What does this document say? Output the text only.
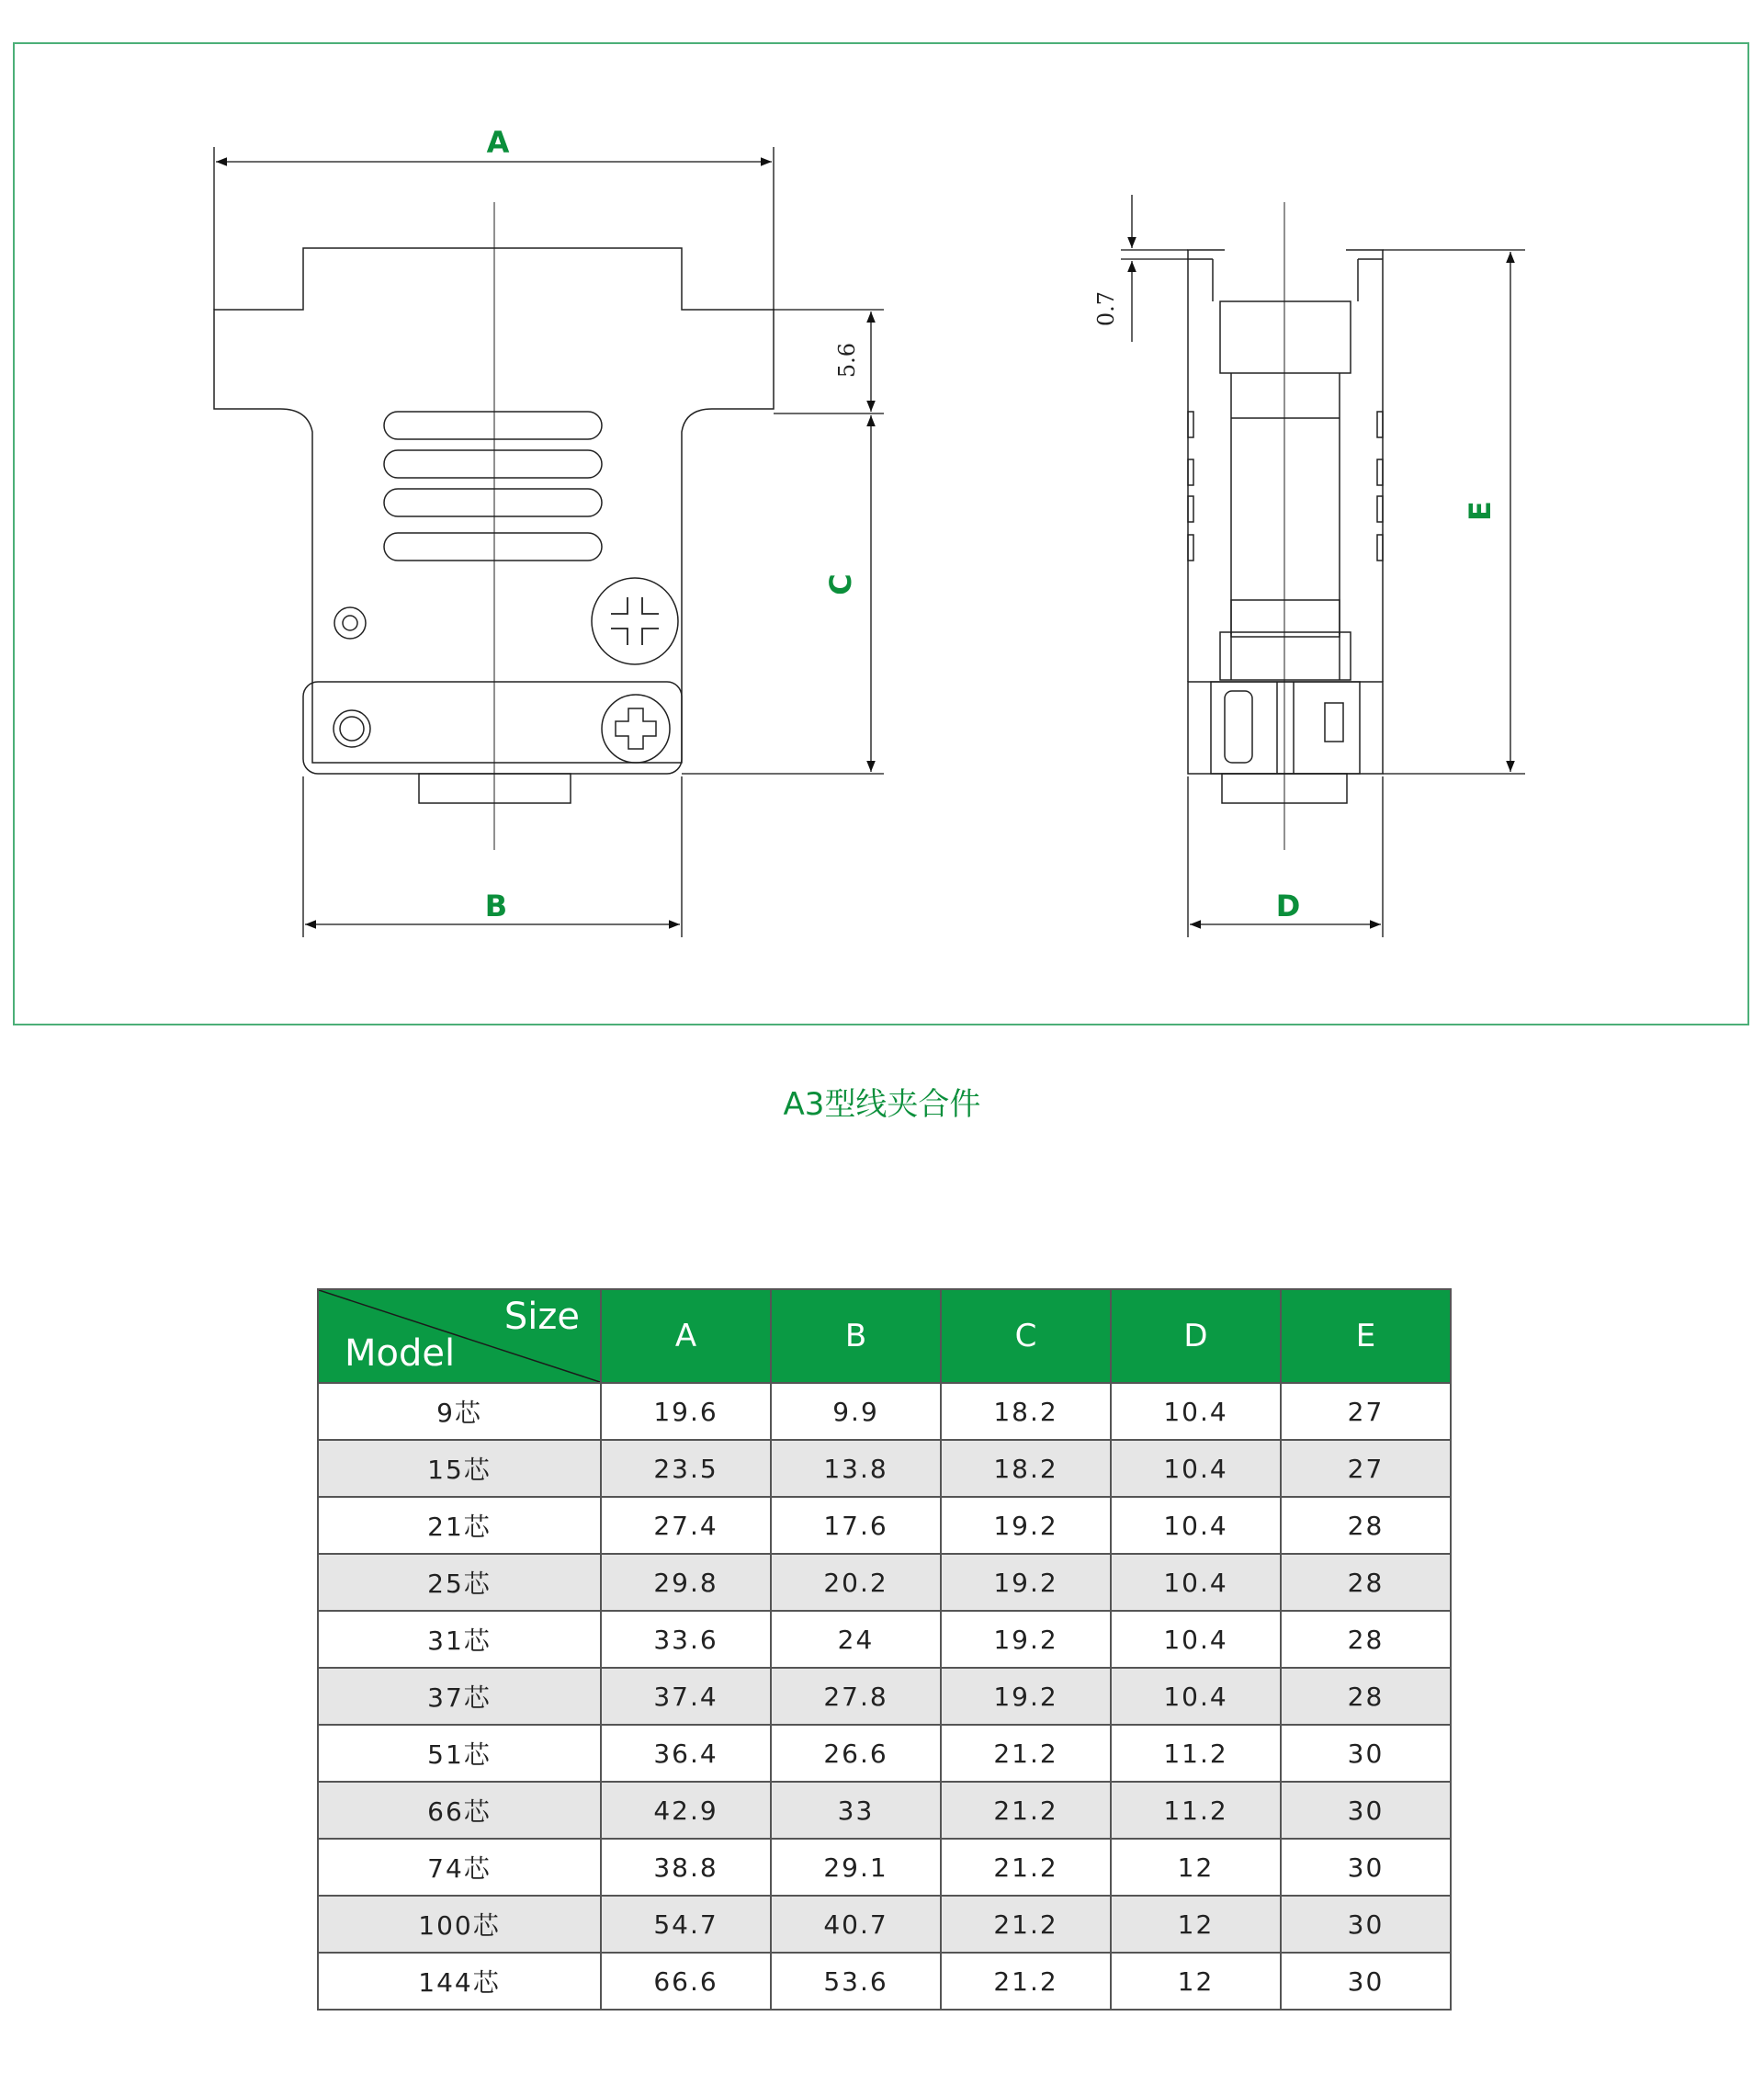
A
B
C
5.6
D
E
0.7
A3型线夹合件
Size
Model	A	B	C	D	E
9芯	19.6	9.9	18.2	10.4	27
15芯	23.5	13.8	18.2	10.4	27
21芯	27.4	17.6	19.2	10.4	28
25芯	29.8	20.2	19.2	10.4	28
31芯	33.6	24	19.2	10.4	28
37芯	37.4	27.8	19.2	10.4	28
51芯	36.4	26.6	21.2	11.2	30
66芯	42.9	33	21.2	11.2	30
74芯	38.8	29.1	21.2	12	30
100芯	54.7	40.7	21.2	12	30
144芯	66.6	53.6	21.2	12	30
